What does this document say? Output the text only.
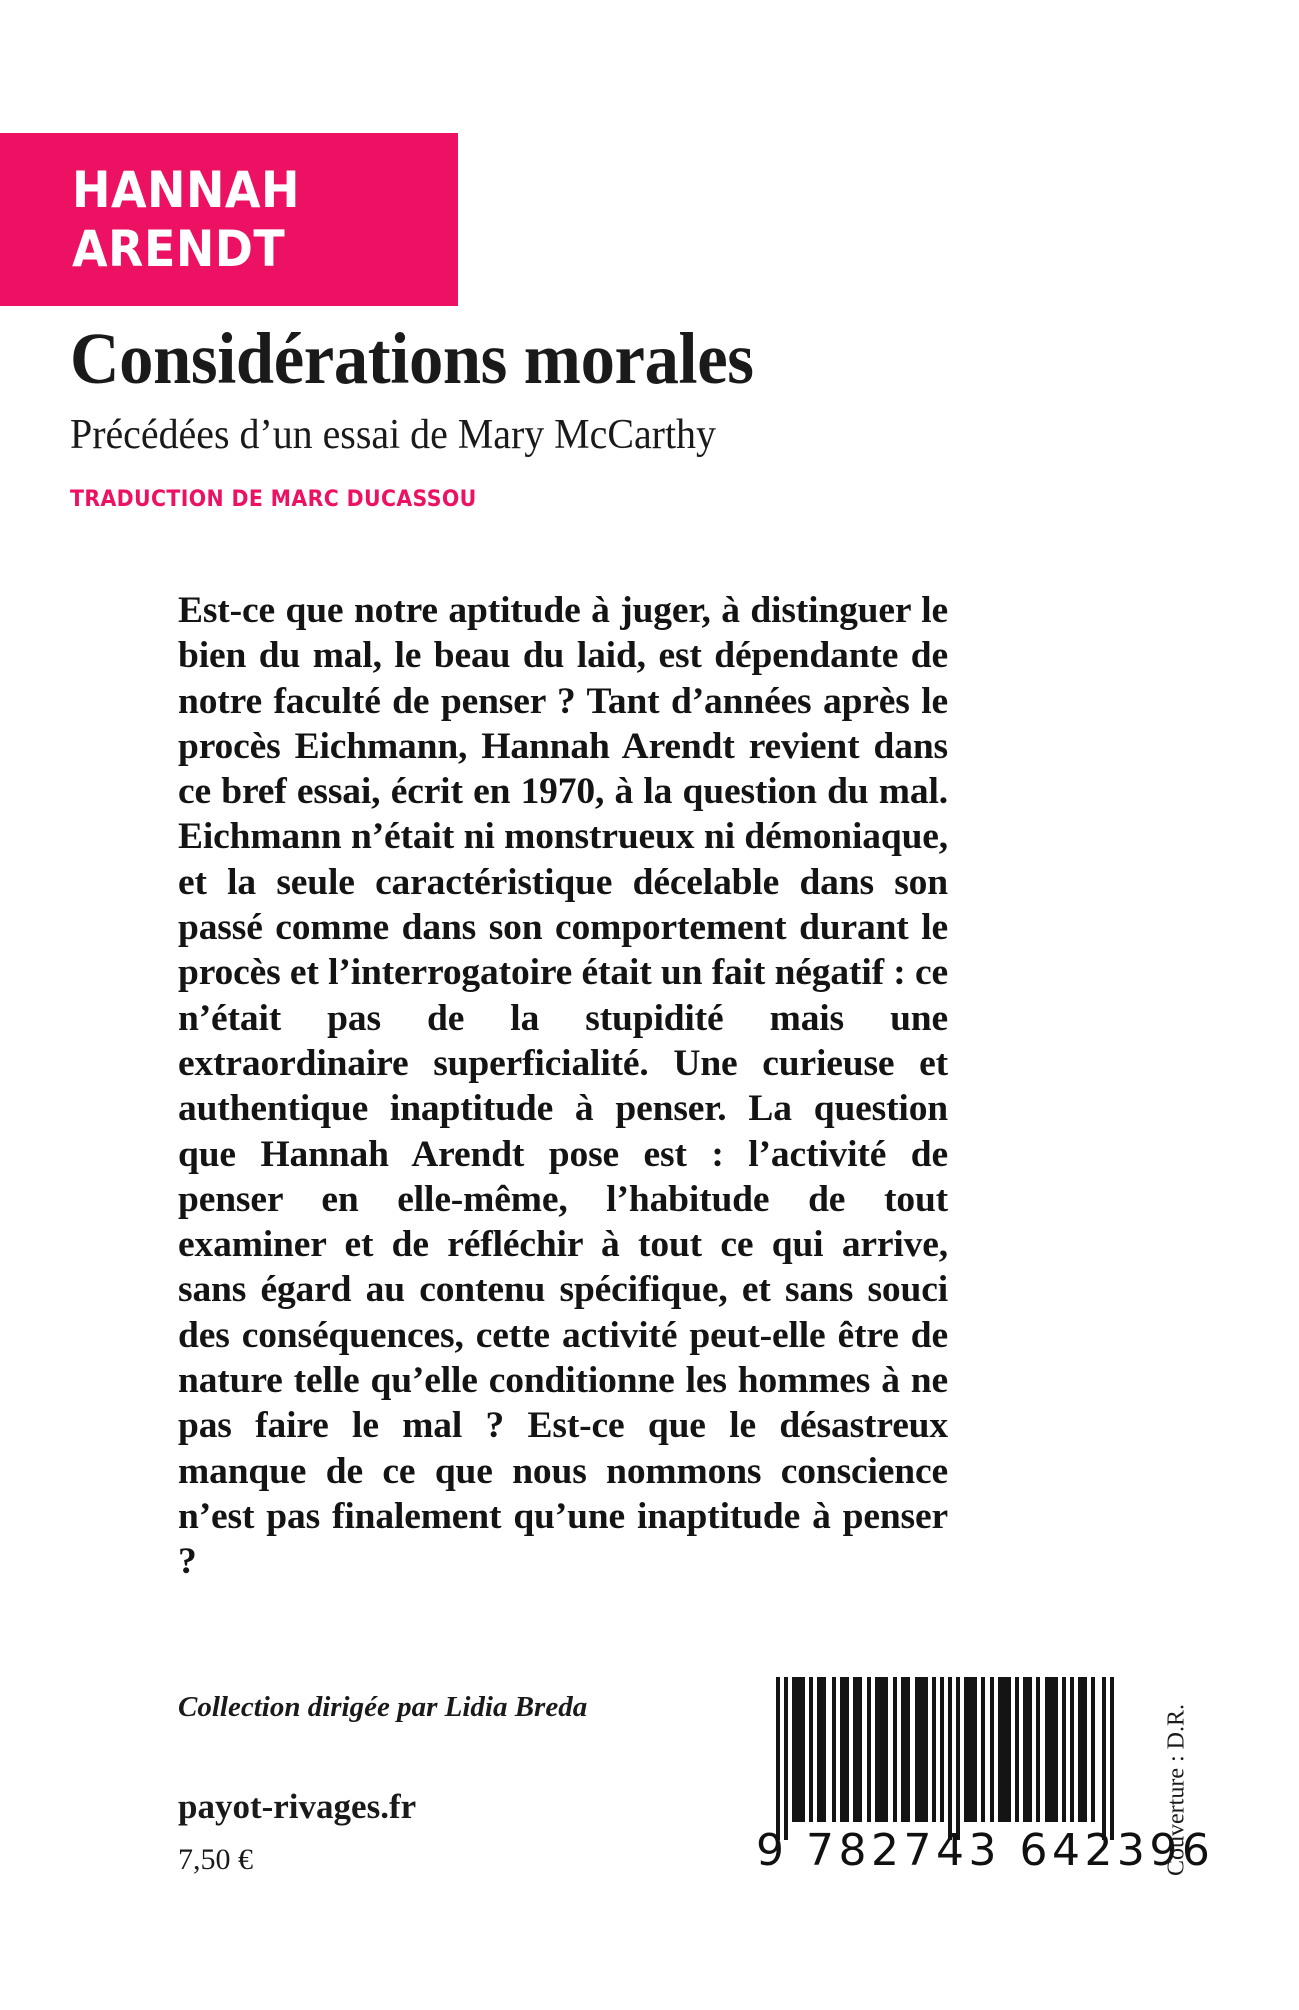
HANNAH
ARENDT
Considérations morales
Précédées d’un essai de Mary McCarthy
TRADUCTION DE MARC DUCASSOU

Est-ce que notre aptitude à juger, à distinguer le bien du mal, le beau du laid, est dépendante de notre faculté de penser ? Tant d’années après le procès Eichmann, Hannah Arendt revient dans ce bref essai, écrit en 1970, à la question du mal. Eichmann n’était ni monstrueux ni démoniaque, et la seule caractéristique décelable dans son passé comme dans son comportement durant le procès et l’interrogatoire était un fait négatif : ce n’était pas de la stupidité mais une extraordinaire superficialité. Une curieuse et authentique inaptitude à penser. La question que Hannah Arendt pose est : l’activité de penser en elle-même, l’habitude de tout examiner et de réfléchir à tout ce qui arrive, sans égard au contenu spécifique, et sans souci des conséquences, cette activité peut-elle être de nature telle qu’elle conditionne les hommes à ne pas faire le mal ? Est-ce que le désastreux manque de ce que nous nommons conscience n’est pas finalement qu’une inaptitude à penser ?

Collection dirigée par Lidia Breda
payot-rivages.fr
7,50 €

	9

782743 642396

Couverture : D.R.
